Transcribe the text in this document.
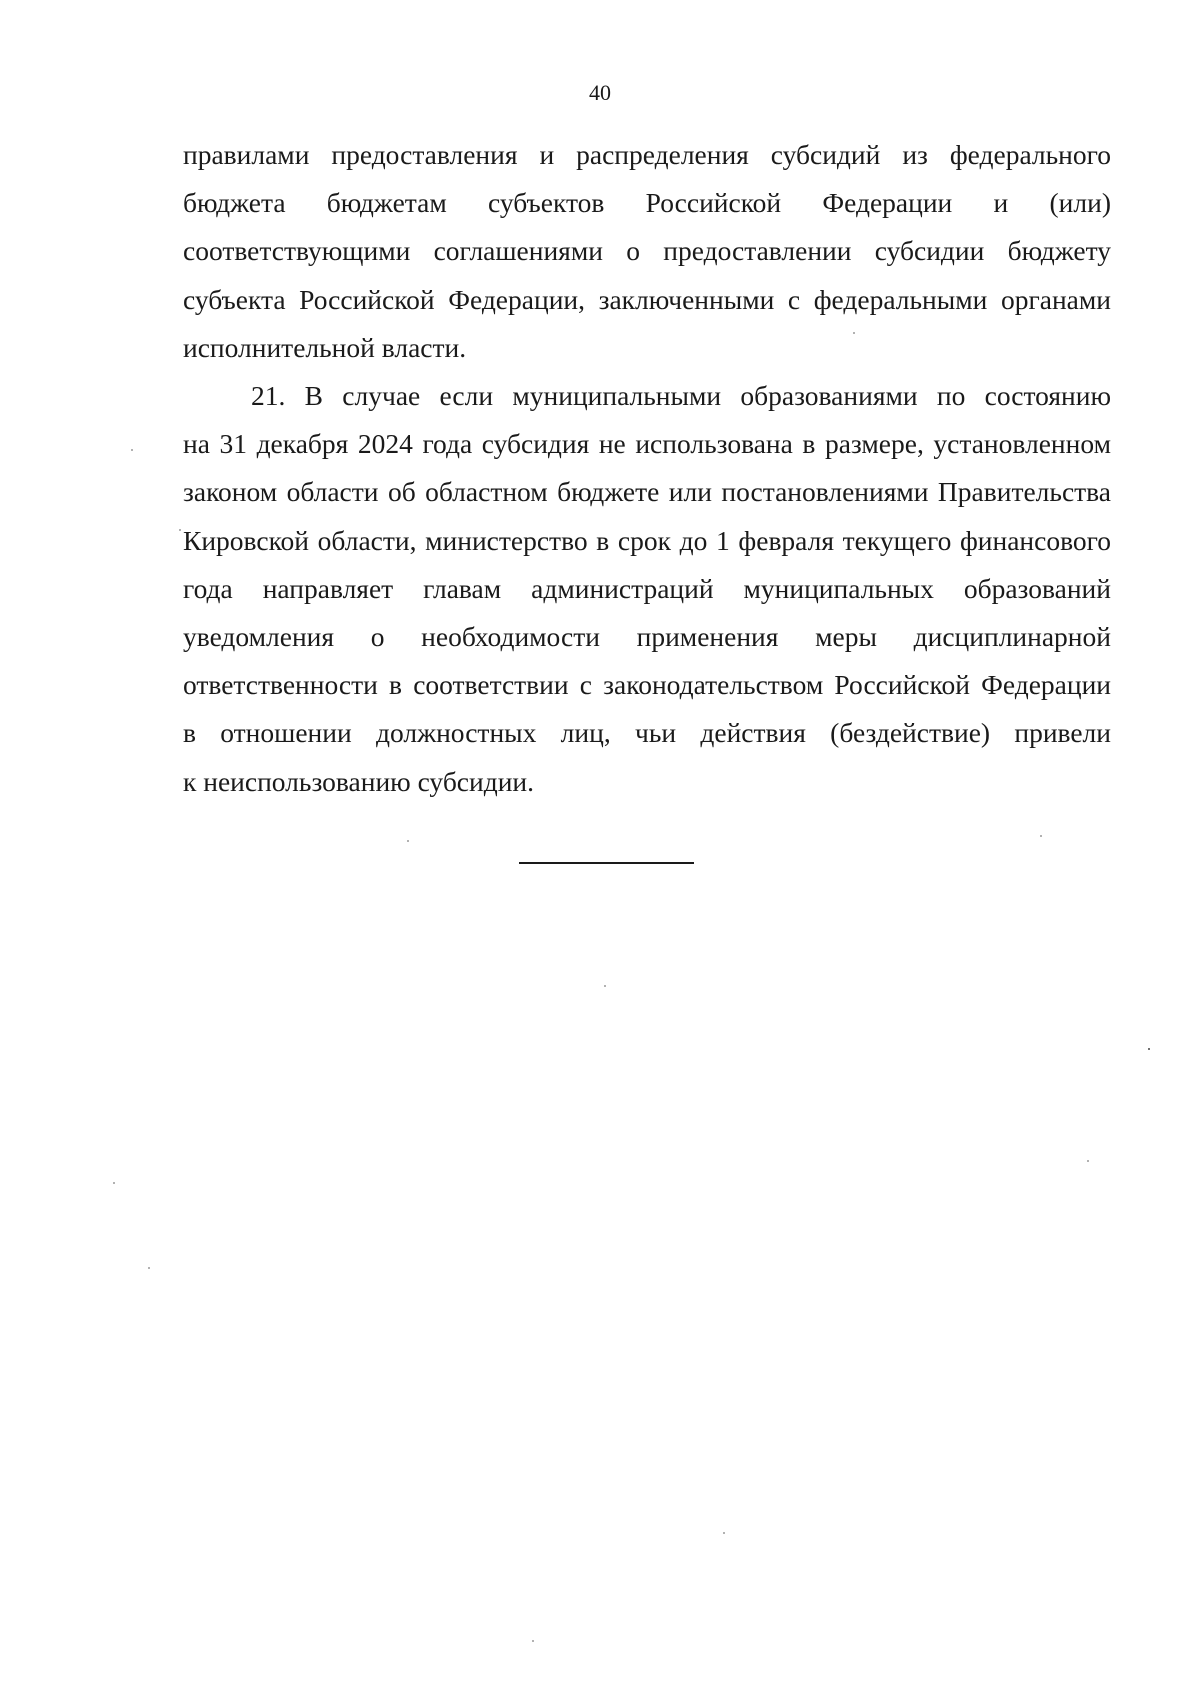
40

правилами предоставления и распределения субсидий из федерального
бюджета бюджетам субъектов Российской Федерации и (или)
соответствующими соглашениями о предоставлении субсидии бюджету
субъекта Российской Федерации, заключенными с федеральными органами
исполнительной власти.

21. В случае если муниципальными образованиями по состоянию
на 31 декабря 2024 года субсидия не использована в размере, установленном
законом области об областном бюджете или постановлениями Правительства
Кировской области, министерство в срок до 1 февраля текущего финансового
года направляет главам администраций муниципальных образований
уведомления о необходимости применения меры дисциплинарной
ответственности в соответствии с законодательством Российской Федерации
в отношении должностных лиц, чьи действия (бездействие) привели
к неиспользованию субсидии.
